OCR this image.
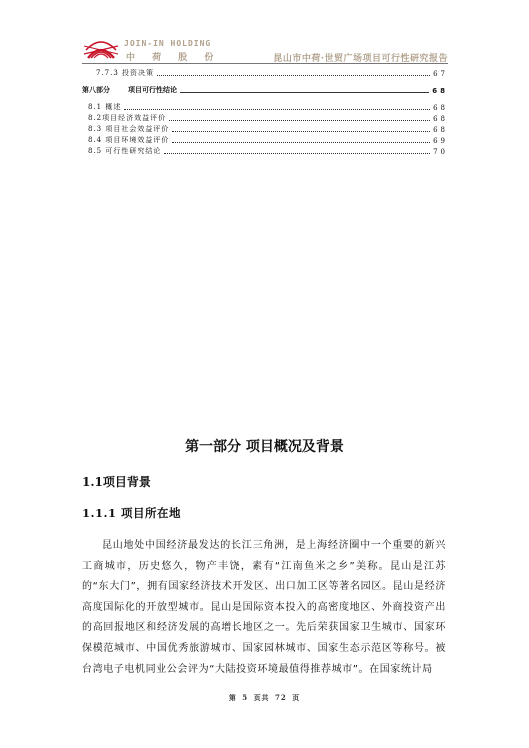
JOIN-IN HOLDING
中 荷 股 份	昆山市中荷·世贸广场项目可行性研究报告
7.7.3 投资决策	67
第八部分	项目可行性结论	68
8.1 概述	68
8.2项目经济效益评价	68
8.3 项目社会效益评价	68
8.4 项目环境效益评价	69
8.5 可行性研究结论	70
第一部分 项目概况及背景
1.1项目背景
1.1.1 项目所在地

昆山地处中国经济最发达的长江三角洲，是上海经济圈中一个重要的新兴工商城市，历史悠久，物产丰饶，素有“江南鱼米之乡”美称。昆山是江苏的“东大门”，拥有国家经济技术开发区、出口加工区等著名园区。昆山是经济高度国际化的开放型城市。昆山是国际资本投入的高密度地区、外商投资产出的高回报地区和经济发展的高增长地区之一。先后荣获国家卫生城市、国家环保模范城市、中国优秀旅游城市、国家园林城市、国家生态示范区等称号。被台湾电子电机同业公会评为“大陆投资环境最值得推荐城市”。在国家统计局

第 5 页共 72 页
